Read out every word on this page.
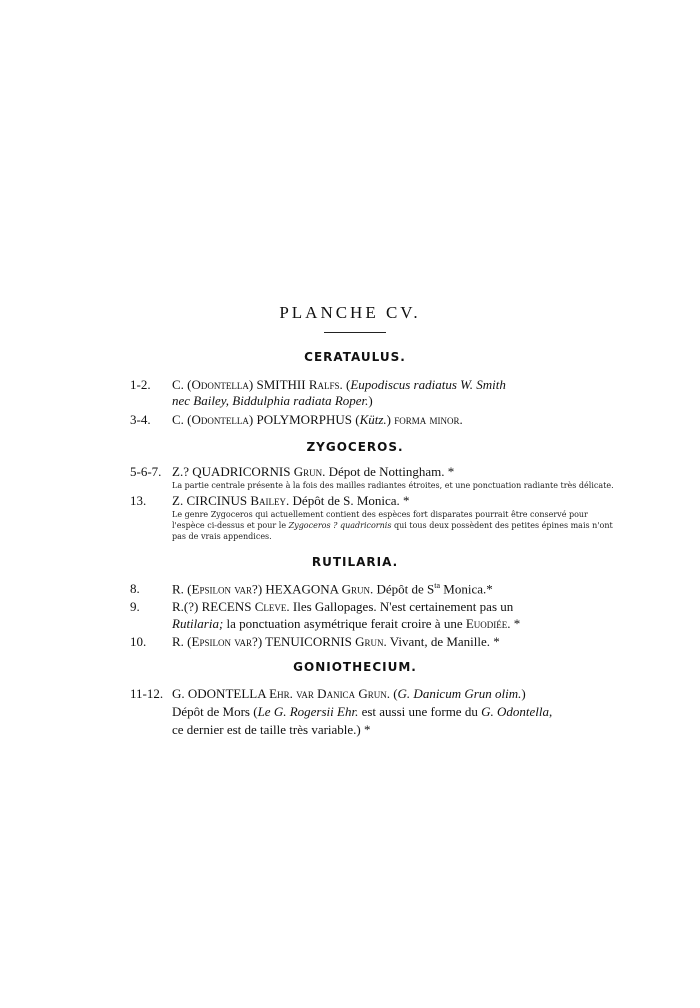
PLANCHE CV.
CERATAULUS.
1-2. C. (Odontella) SMITHII Ralfs. (Eupodiscus radiatus W. Smith
nec Bailey, Biddulphia radiata Roper.)
3-4. C. (Odontella) POLYMORPHUS (Kütz.) forma minor.
ZYGOCEROS.
5-6-7. Z.? QUADRICORNIS Grun. Dépot de Nottingham. *
La partie centrale présente à la fois des mailles radiantes étroites, et une ponctuation radiante très délicate.
13. Z. CIRCINUS Bailey. Dépôt de S. Monica. *
Le genre Zygoceros qui actuellement contient des espèces fort disparates pourrait être conservé pour
l'espèce ci-dessus et pour le Zygoceros ? quadricornis qui tous deux possèdent des petites épines mais n'ont
pas de vrais appendices.
RUTILARIA.
8. R. (Epsilon var?) HEXAGONA Grun. Dépôt de $S^{ta}$ Monica.*
9. R.(?) RECENS Cleve. Iles Gallopages. N'est certainement pas un
Rutilaria; la ponctuation asymétrique ferait croire à une Euodiée. *
10. R. (Epsilon var?) TENUICORNIS Grun. Vivant, de Manille. *
GONIOTHECIUM.
11-12. G. ODONTELLA Ehr. var Danica Grun. (G. Danicum Grun olim.)
Dépôt de Mors (Le G. Rogersii Ehr. est aussi une forme du G. Odontella,
ce dernier est de taille très variable.) *
